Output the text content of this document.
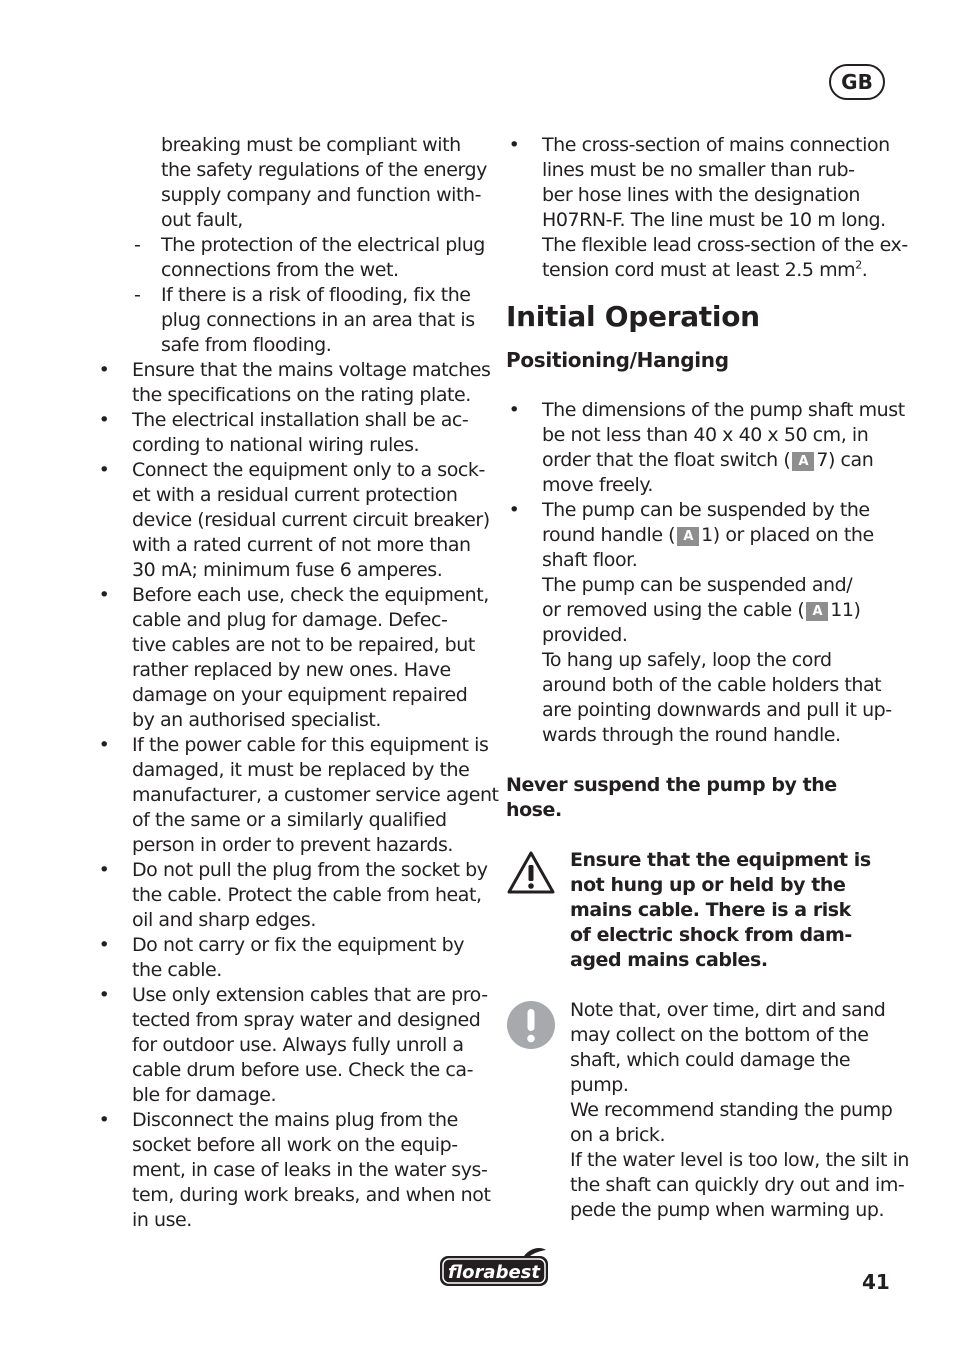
GB
breaking must be compliant with
the safety regulations of the energy
supply company and function with-
out fault,
- The protection of the electrical plug
connections from the wet.
- If there is a risk of flooding, fix the
plug connections in an area that is
safe from flooding.
• Ensure that the mains voltage matches
the specifications on the rating plate.
• The electrical installation shall be ac-
cording to national wiring rules.
• Connect the equipment only to a sock-
et with a residual current protection
device (residual current circuit breaker)
with a rated current of not more than
30 mA; minimum fuse 6 amperes.
• Before each use, check the equipment,
cable and plug for damage. Defec-
tive cables are not to be repaired, but
rather replaced by new ones. Have
damage on your equipment repaired
by an authorised specialist.
• If the power cable for this equipment is
damaged, it must be replaced by the
manufacturer, a customer service agent
of the same or a similarly qualified
person in order to prevent hazards.
• Do not pull the plug from the socket by
the cable. Protect the cable from heat,
oil and sharp edges.
• Do not carry or fix the equipment by
the cable.
• Use only extension cables that are pro-
tected from spray water and designed
for outdoor use. Always fully unroll a
cable drum before use. Check the ca-
ble for damage.
• Disconnect the mains plug from the
socket before all work on the equip-
ment, in case of leaks in the water sys-
tem, during work breaks, and when not
in use.
• The cross-section of mains connection
lines must be no smaller than rub-
ber hose lines with the designation
H07RN-F. The line must be 10 m long.
The flexible lead cross-section of the ex-
tension cord must at least 2.5 $mm^2$.
Initial Operation
Positioning/Hanging
• The dimensions of the pump shaft must
be not less than 40 x 40 x 50 cm, in
order that the float switch ( A 7) can
move freely.
• The pump can be suspended by the
round handle ( A 1) or placed on the
shaft floor.
The pump can be suspended and/
or removed using the cable ( A 11)
provided.
To hang up safely, loop the cord
around both of the cable holders that
are pointing downwards and pull it up-
wards through the round handle.
Never suspend the pump by the
hose.
Ensure that the equipment is
not hung up or held by the
mains cable. There is a risk
of electric shock from dam-
aged mains cables.
Note that, over time, dirt and sand
may collect on the bottom of the
shaft, which could damage the
pump.
We recommend standing the pump
on a brick.
If the water level is too low, the silt in
the shaft can quickly dry out and im-
pede the pump when warming up.
florabest	41
